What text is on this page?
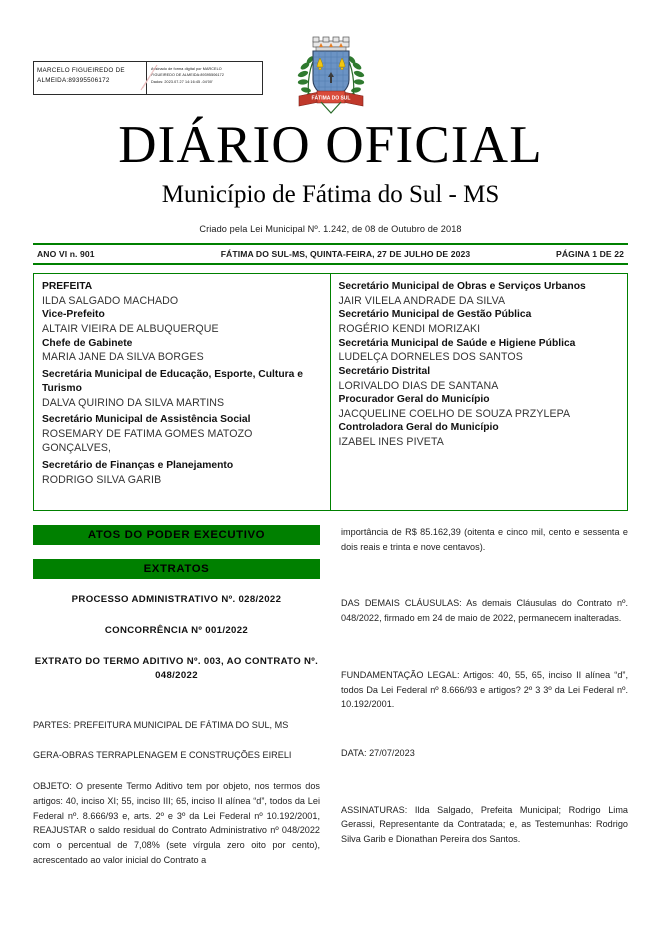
MARCELO FIGUEIREDO DE
ALMEIDA:89395506172
Assinado de forma digital por MARCELO
FIGUEIREDO DE ALMEIDA:89395506172
Dados: 2023.07.27 14:16:45 -04'00'
FÁTIMA DO SUL
DIÁRIO OFICIAL
Município de Fátima do Sul - MS
Criado pela Lei Municipal Nº. 1.242, de 08 de Outubro de 2018
ANO VI n. 901	FÁTIMA DO SUL-MS, QUINTA-FEIRA, 27 DE JULHO DE 2023	PÁGINA 1 DE 22
PREFEITA
ILDA SALGADO MACHADO
Vice-Prefeito
ALTAIR VIEIRA DE ALBUQUERQUE
Chefe de Gabinete
MARIA JANE DA SILVA BORGES
Secretária Municipal de Educação, Esporte, Cultura e Turismo
DALVA QUIRINO DA SILVA MARTINS
Secretário Municipal de Assistência Social
ROSEMARY DE FATIMA GOMES MATOZO GONÇALVES,
Secretário de Finanças e Planejamento
RODRIGO SILVA GARIB
Secretário Municipal de Obras e Serviços Urbanos
JAIR VILELA ANDRADE DA SILVA
Secretário Municipal de Gestão Pública
ROGÉRIO KENDI MORIZAKI
Secretária Municipal de Saúde e Higiene Pública
LUDELÇA DORNELES DOS SANTOS
Secretário Distrital
LORIVALDO DIAS DE SANTANA
Procurador Geral do Município
JACQUELINE COELHO DE SOUZA PRZYLEPA
Controladora Geral do Município
IZABEL INES PIVETA
ATOS DO PODER EXECUTIVO
EXTRATOS
PROCESSO ADMINISTRATIVO Nº. 028/2022
CONCORRÊNCIA Nº 001/2022
EXTRATO DO TERMO ADITIVO Nº. 003, AO CONTRATO Nº. 048/2022
PARTES: PREFEITURA MUNICIPAL DE FÁTIMA DO SUL, MS
GERA-OBRAS TERRAPLENAGEM E CONSTRUÇÕES EIRELI
OBJETO: O presente Termo Aditivo tem por objeto, nos termos dos artigos: 40, inciso XI; 55, inciso III; 65, inciso II alínea “d”, todos da Lei Federal nº. 8.666/93 e, arts. 2º e 3º da Lei Federal nº 10.192/2001, REAJUSTAR o saldo residual do Contrato Administrativo nº 048/2022 com o percentual de 7,08% (sete vírgula zero oito por cento), acrescentado ao valor inicial do Contrato a
importância de R$ 85.162,39 (oitenta e cinco mil, cento e sessenta e dois reais e trinta e nove centavos).
DAS DEMAIS CLÁUSULAS: As demais Cláusulas do Contrato nº. 048/2022, firmado em 24 de maio de 2022, permanecem inalteradas.
FUNDAMENTAÇÃO LEGAL: Artigos: 40, 55, 65, inciso II alínea “d”, todos Da Lei Federal nº 8.666/93 e artigos? 2º 3 3º da Lei Federal nº. 10.192/2001.
DATA: 27/07/2023
ASSINATURAS: Ilda Salgado, Prefeita Municipal; Rodrigo Lima Gerassi, Representante da Contratada; e, as Testemunhas: Rodrigo Silva Garib e Dionathan Pereira dos Santos.
